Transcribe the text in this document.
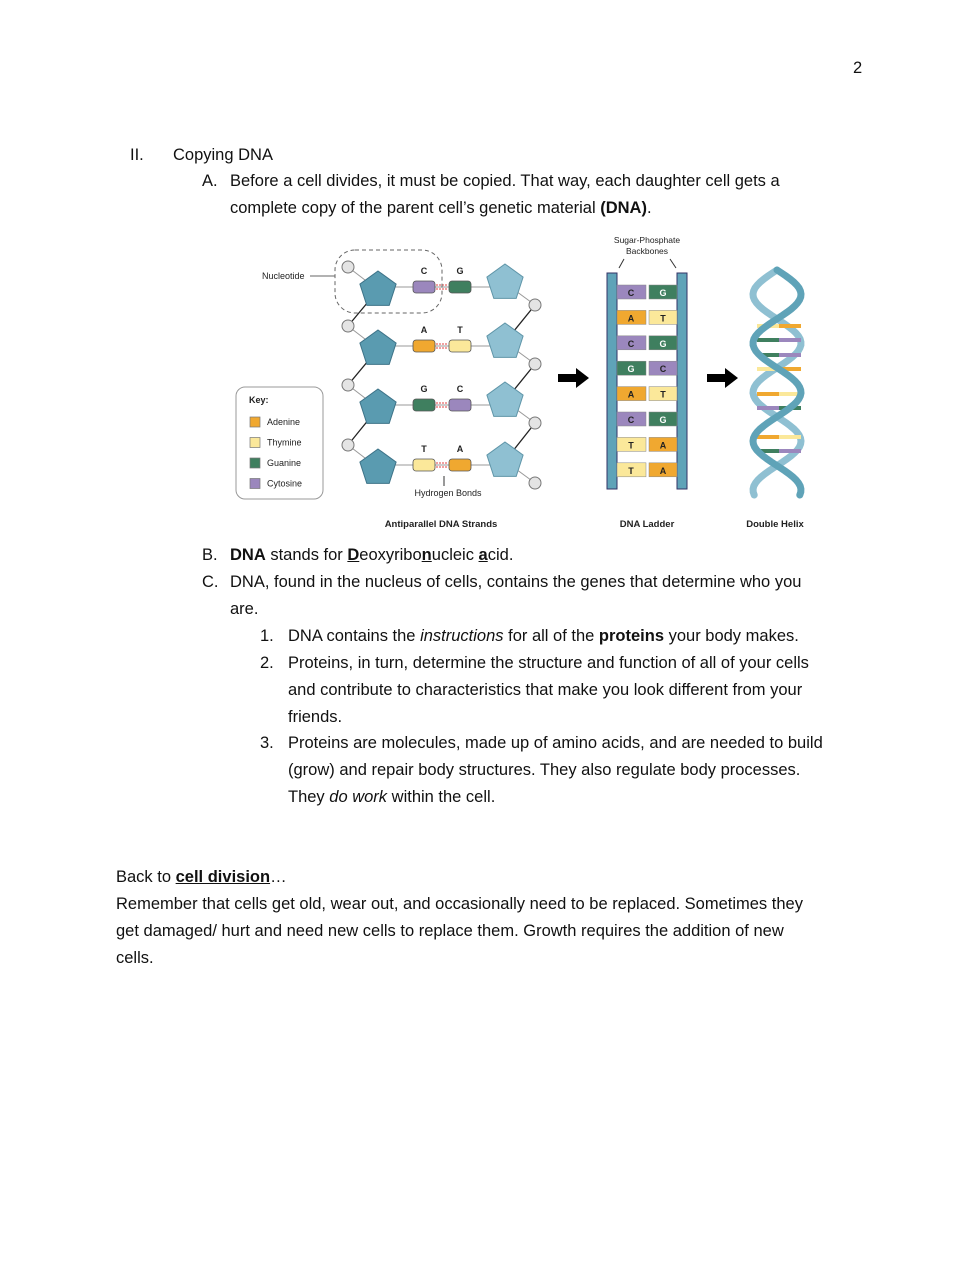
2
II. Copying DNA
A. Before a cell divides, it must be copied. That way, each daughter cell gets a
complete copy of the parent cell’s genetic material (DNA).
C	G
A	T
G	C
T	A
Nucleotide
Hydrogen Bonds
Key:
Adenine
Thymine
Guanine
Cytosine
Sugar-Phosphate
Backbones
C	G
A	T
C	G
G	C
A	T
C	G
T	A
T	A
Antiparallel DNA Strands	DNA Ladder	Double Helix
B. DNA stands for Deoxyribonucleic acid.
C. DNA, found in the nucleus of cells, contains the genes that determine who you
are.
1. DNA contains the instructions for all of the proteins your body makes.
2. Proteins, in turn, determine the structure and function of all of your cells
and contribute to characteristics that make you look different from your
friends.
3. Proteins are molecules, made up of amino acids, and are needed to build
(grow) and repair body structures. They also regulate body processes.
They do work within the cell.
Back to cell division…
Remember that cells get old, wear out, and occasionally need to be replaced. Sometimes they
get damaged/ hurt and need new cells to replace them. Growth requires the addition of new
cells.
